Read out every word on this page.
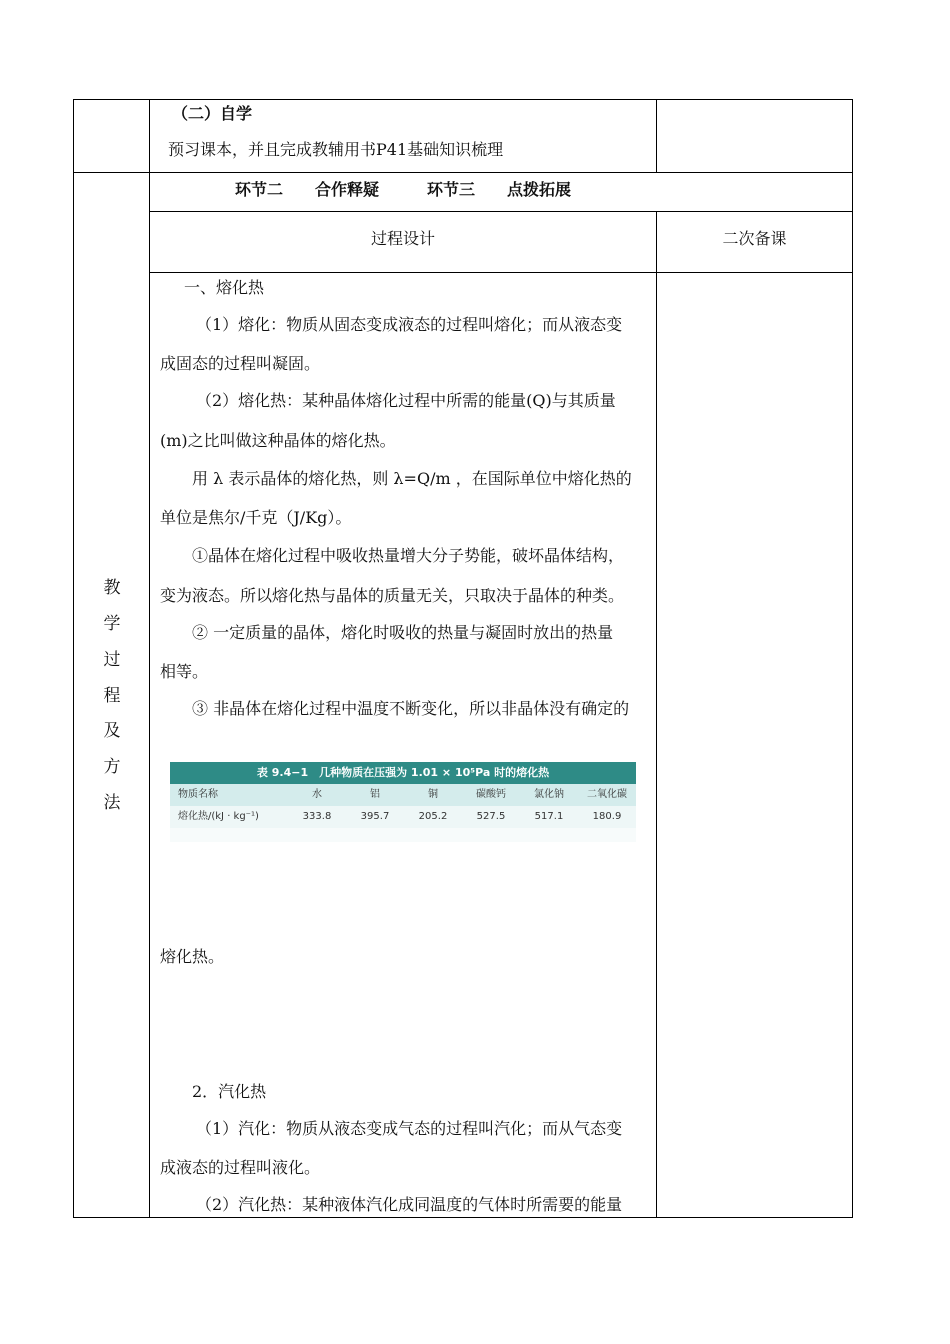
（二）自学
预习课本，并且完成教辅用书P41基础知识梳理
环节二　　合作释疑　　　环节三　　点拨拓展
过程设计	二次备课
教
学
过
程
及
方
法
一、熔化热
（1）熔化：物质从固态变成液态的过程叫熔化；而从液态变
成固态的过程叫凝固。
（2）熔化热：某种晶体熔化过程中所需的能量(Q)与其质量
(m)之比叫做这种晶体的熔化热。
用 λ 表示晶体的熔化热，则 λ=Q/m ，在国际单位中熔化热的
单位是焦尔/千克（J/Kg）。
①晶体在熔化过程中吸收热量增大分子势能，破坏晶体结构，
变为液态。所以熔化热与晶体的质量无关，只取决于晶体的种类。
② 一定质量的晶体，熔化时吸收的热量与凝固时放出的热量
相等。
③ 非晶体在熔化过程中温度不断变化，所以非晶体没有确定的
表 9.4−1　几种物质在压强为 1.01 × 10⁵Pa 时的熔化热
物质名称	水	铝	铜	碳酸钙	氯化钠	二氧化碳
熔化热/(kJ · kg⁻¹)	333.8	395.7	205.2	527.5	517.1	180.9
熔化热。
2．汽化热
（1）汽化：物质从液态变成气态的过程叫汽化；而从气态变
成液态的过程叫液化。
（2）汽化热：某种液体汽化成同温度的气体时所需要的能量
